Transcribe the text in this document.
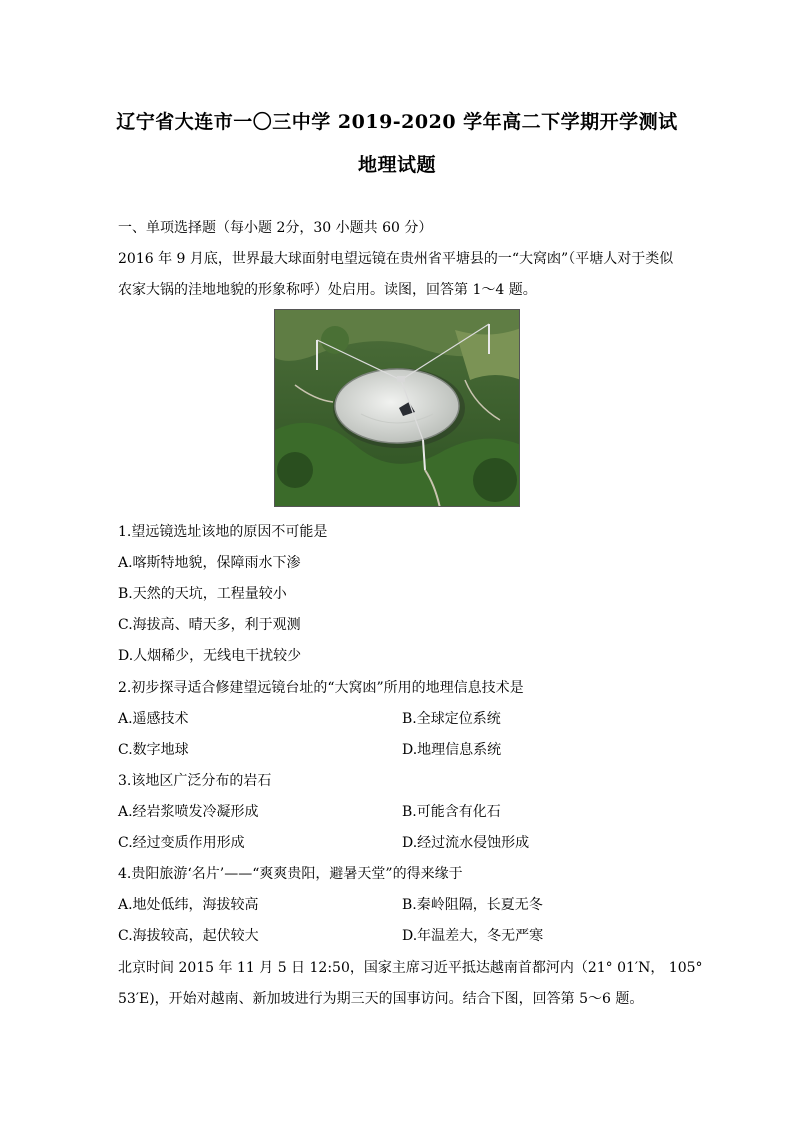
辽宁省大连市一〇三中学 2019-2020 学年高二下学期开学测试
地理试题
一、单项选择题（每小题 2分，30 小题共 60 分）
2016 年 9 月底，世界最大球面射电望远镜在贵州省平塘县的一“大窝凼”（平塘人对于类似
农家大锅的洼地地貌的形象称呼）处启用。读图，回答第 1～4 题。
1.望远镜选址该地的原因不可能是
A.喀斯特地貌，保障雨水下渗
B.天然的天坑，工程量较小
C.海拔高、晴天多，利于观测
D.人烟稀少，无线电干扰较少
2.初步探寻适合修建望远镜台址的“大窝凼”所用的地理信息技术是
A.遥感技术	B.全球定位系统
C.数字地球	D.地理信息系统
3.该地区广泛分布的岩石
A.经岩浆喷发冷凝形成	B.可能含有化石
C.经过变质作用形成	D.经过流水侵蚀形成
4.贵阳旅游‘名片’——“爽爽贵阳，避暑天堂”的得来缘于
A.地处低纬，海拔较高	B.秦岭阻隔，长夏无冬
C.海拔较高，起伏较大	D.年温差大，冬无严寒
北京时间 2015 年 11 月 5 日 12:50，国家主席习近平抵达越南首都河内（21° 01′N， 105°
53′E)，开始对越南、新加坡进行为期三天的国事访问。结合下图，回答第 5～6 题。
